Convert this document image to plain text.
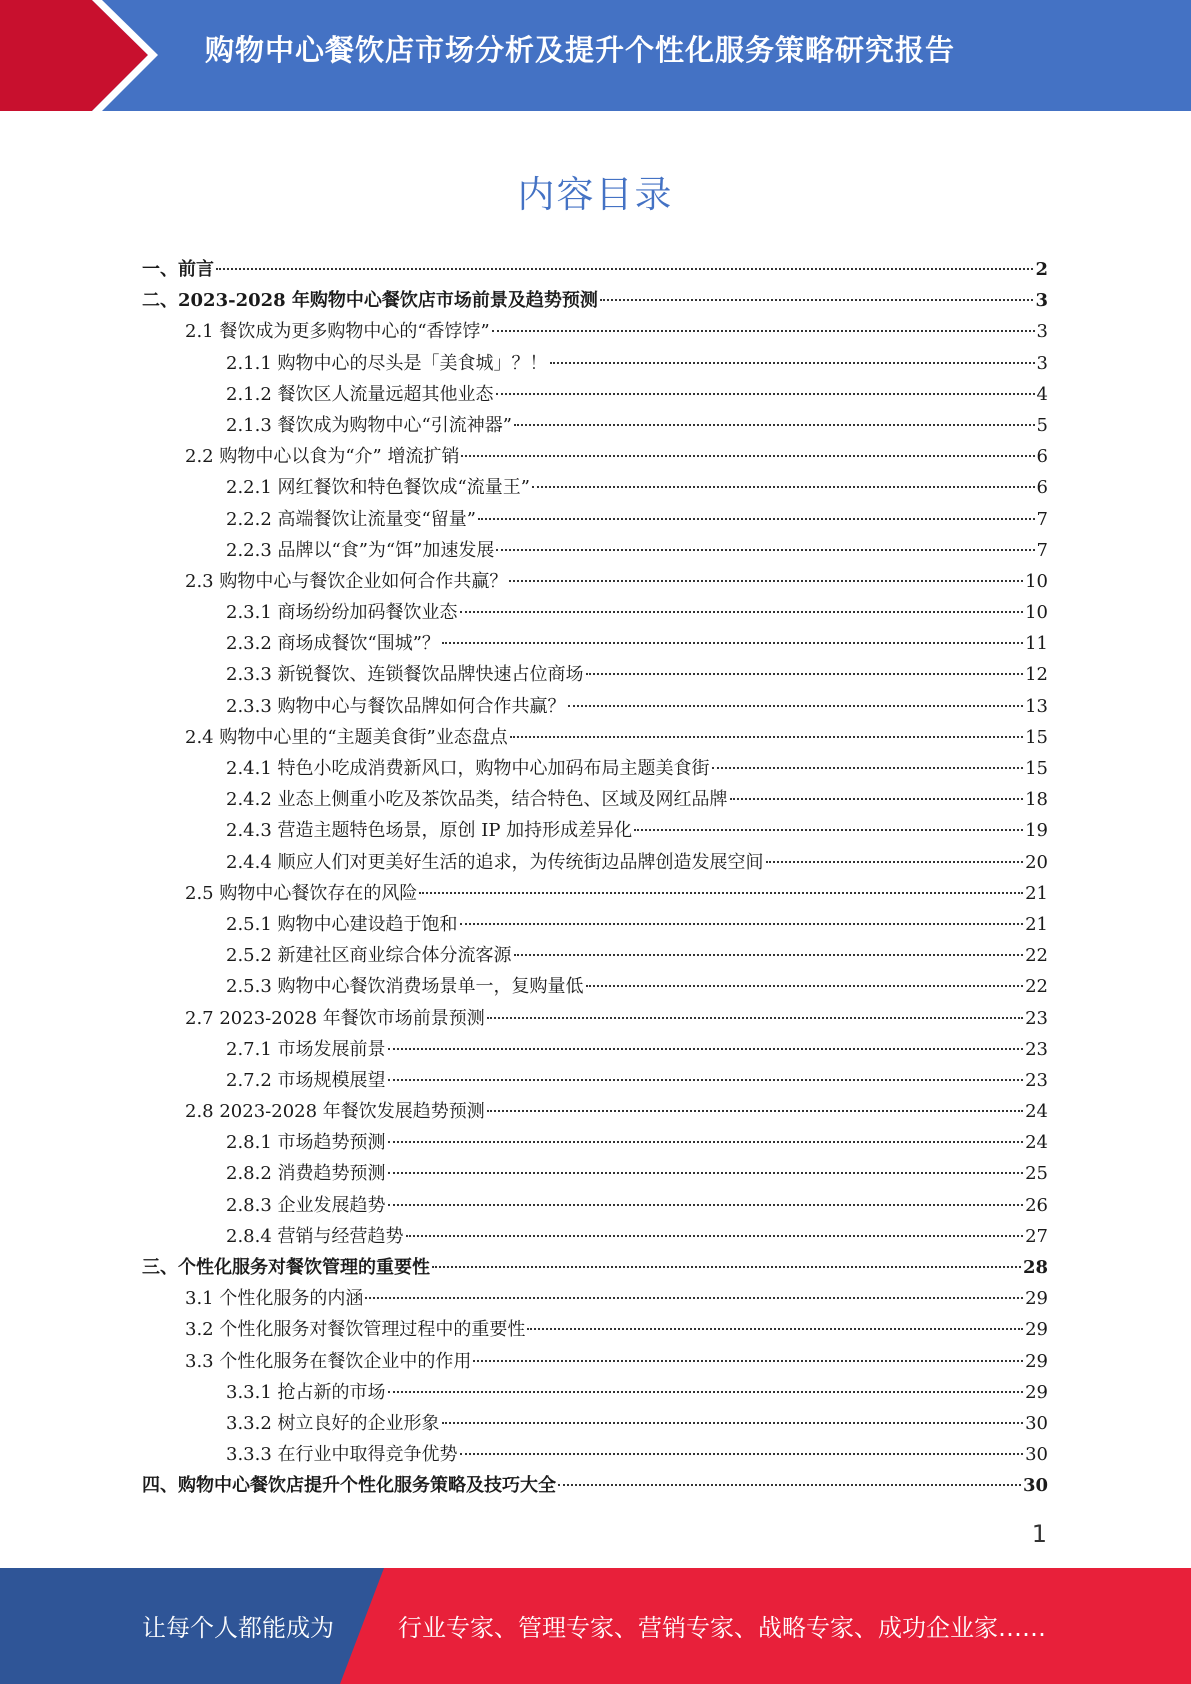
购物中心餐饮店市场分析及提升个性化服务策略研究报告
内容目录
一、前言	2
二、2023-2028 年购物中心餐饮店市场前景及趋势预测	3
2.1 餐饮成为更多购物中心的“香饽饽”	3
2.1.1 购物中心的尽头是「美食城」？！	3
2.1.2 餐饮区人流量远超其他业态	4
2.1.3 餐饮成为购物中心“引流神器”	5
2.2 购物中心以食为“介” 增流扩销	6
2.2.1 网红餐饮和特色餐饮成“流量王”	6
2.2.2 高端餐饮让流量变“留量”	7
2.2.3 品牌以“食”为“饵”加速发展	7
2.3 购物中心与餐饮企业如何合作共赢？	10
2.3.1 商场纷纷加码餐饮业态	10
2.3.2 商场成餐饮“围城”？	11
2.3.3 新锐餐饮、连锁餐饮品牌快速占位商场	12
2.3.3 购物中心与餐饮品牌如何合作共赢？	13
2.4 购物中心里的“主题美食街”业态盘点	15
2.4.1 特色小吃成消费新风口，购物中心加码布局主题美食街	15
2.4.2 业态上侧重小吃及茶饮品类，结合特色、区域及网红品牌	18
2.4.3 营造主题特色场景，原创 IP 加持形成差异化	19
2.4.4 顺应人们对更美好生活的追求，为传统街边品牌创造发展空间	20
2.5 购物中心餐饮存在的风险	21
2.5.1 购物中心建设趋于饱和	21
2.5.2 新建社区商业综合体分流客源	22
2.5.3 购物中心餐饮消费场景单一，复购量低	22
2.7 2023-2028 年餐饮市场前景预测	23
2.7.1 市场发展前景	23
2.7.2 市场规模展望	23
2.8 2023-2028 年餐饮发展趋势预测	24
2.8.1 市场趋势预测	24
2.8.2 消费趋势预测	25
2.8.3 企业发展趋势	26
2.8.4 营销与经营趋势	27
三、个性化服务对餐饮管理的重要性	28
3.1 个性化服务的内涵	29
3.2 个性化服务对餐饮管理过程中的重要性	29
3.3 个性化服务在餐饮企业中的作用	29
3.3.1 抢占新的市场	29
3.3.2 树立良好的企业形象	30
3.3.3 在行业中取得竞争优势	30
四、购物中心餐饮店提升个性化服务策略及技巧大全	30
1
让每个人都能成为	行业专家、管理专家、营销专家、战略专家、成功企业家……
